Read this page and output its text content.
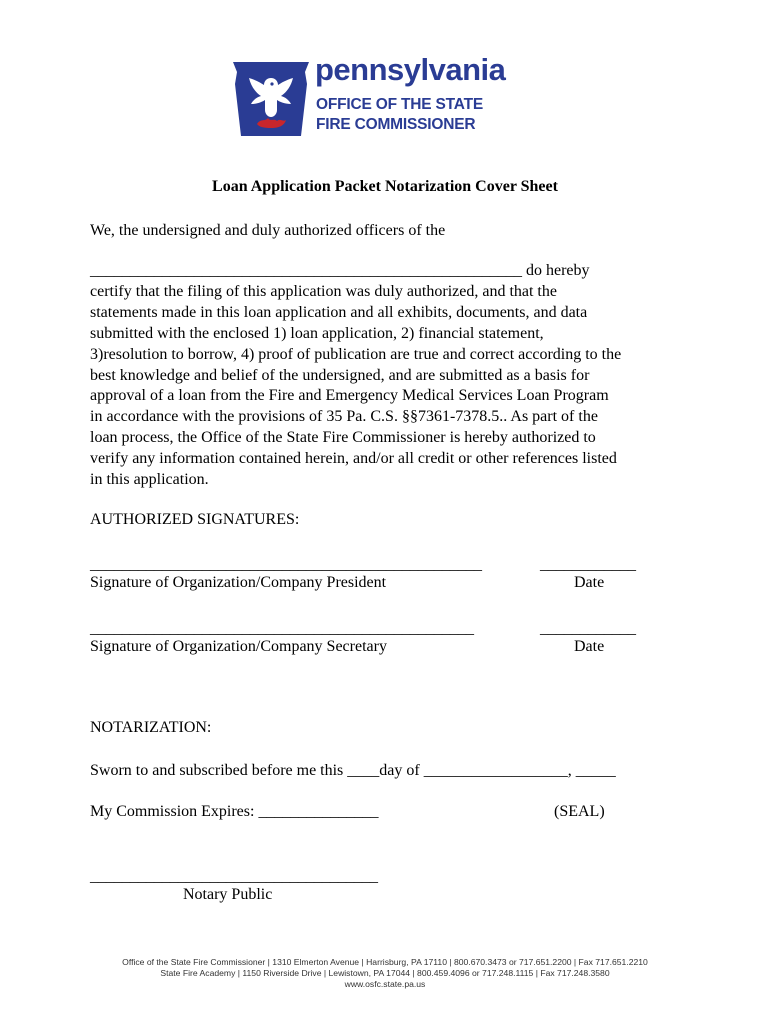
pennsylvania
OFFICE OF THE STATE
FIRE COMMISSIONER
Loan Application Packet Notarization Cover Sheet
We, the undersigned and duly authorized officers of the
______________________________________________________ do hereby
certify that the filing of this application was duly authorized, and that the
statements made in this loan application and all exhibits, documents, and data
submitted with the enclosed 1) loan application, 2) financial statement,
3)resolution to borrow, 4) proof of publication are true and correct according to the
best knowledge and belief of the undersigned, and are submitted as a basis for
approval of a loan from the Fire and Emergency Medical Services Loan Program
in accordance with the provisions of 35 Pa. C.S. §§7361-7378.5.. As part of the
loan process, the Office of the State Fire Commissioner is hereby authorized to
verify any information contained herein, and/or all credit or other references listed
in this application.
AUTHORIZED SIGNATURES:
_________________________________________________	____________
Signature of Organization/Company President	Date
________________________________________________	____________
Signature of Organization/Company Secretary	Date
NOTARIZATION:
Sworn to and subscribed before me this ____day of __________________, _____
My Commission Expires: _______________	(SEAL)
____________________________________
Notary Public
Office of the State Fire Commissioner | 1310 Elmerton Avenue | Harrisburg, PA 17110 | 800.670.3473 or 717.651.2200 | Fax 717.651.2210
State Fire Academy | 1150 Riverside Drive | Lewistown, PA 17044 | 800.459.4096 or 717.248.1115 | Fax 717.248.3580
www.osfc.state.pa.us
